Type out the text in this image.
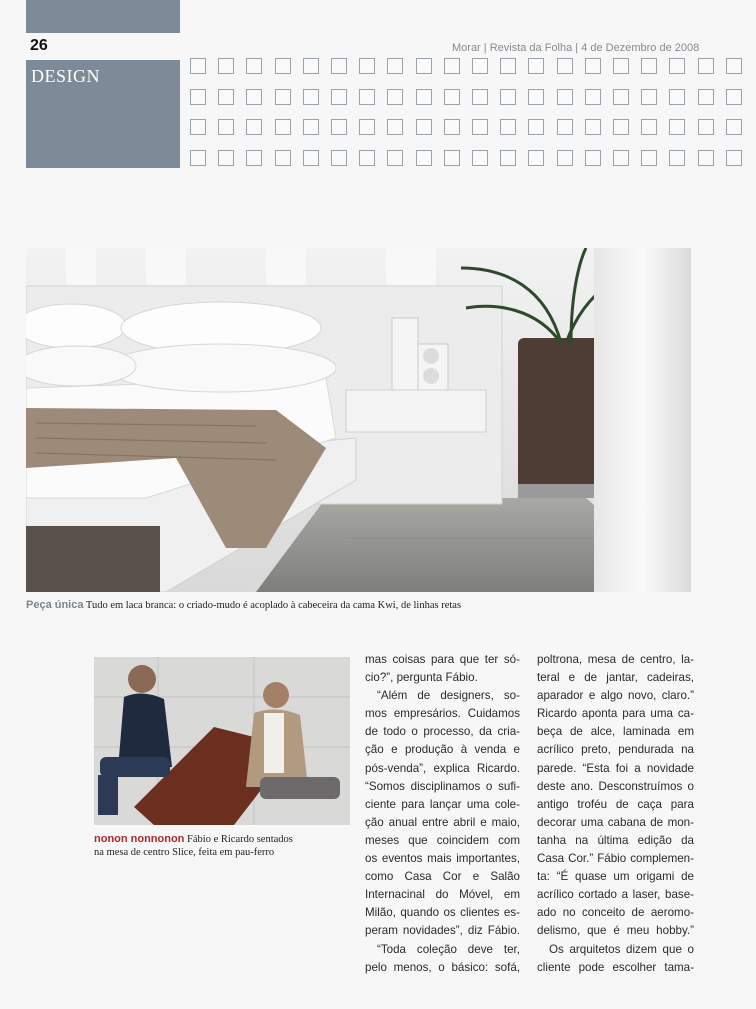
26	Morar | Revista da Folha | 4 de Dezembro de 2008
DESIGN
Peça única Tudo em laca branca: o criado-mudo é acoplado à cabeceira da cama Kwi, de linhas retas
nonon nonnonon Fábio e Ricardo sentados
na mesa de centro Slice, feita em pau-ferro
mas coisas para que ter só-
cio?”, pergunta Fábio.
“Além de designers, so-
mos empresários. Cuidamos
de todo o processo, da cria-
ção e produção à venda e
pós-venda”, explica Ricardo.
“Somos disciplinamos o sufi-
ciente para lançar uma cole-
ção anual entre abril e maio,
meses que coincidem com
os eventos mais importantes,
como Casa Cor e Salão
Internacinal do Móvel, em
Milão, quando os clientes es-
peram novidades”, diz Fábio.
“Toda coleção deve ter,
pelo menos, o básico: sofá,
poltrona, mesa de centro, la-
teral e de jantar, cadeiras,
aparador e algo novo, claro.”
Ricardo aponta para uma ca-
beça de alce, laminada em
acrílico preto, pendurada na
parede. “Esta foi a novidade
deste ano. Desconstruímos o
antigo troféu de caça para
decorar uma cabana de mon-
tanha na última edição da
Casa Cor.” Fábio complemen-
ta: “É quase um origami de
acrílico cortado a laser, base-
ado no conceito de aeromo-
delismo, que é meu hobby.”
Os arquitetos dizem que o
cliente pode escolher tama-
